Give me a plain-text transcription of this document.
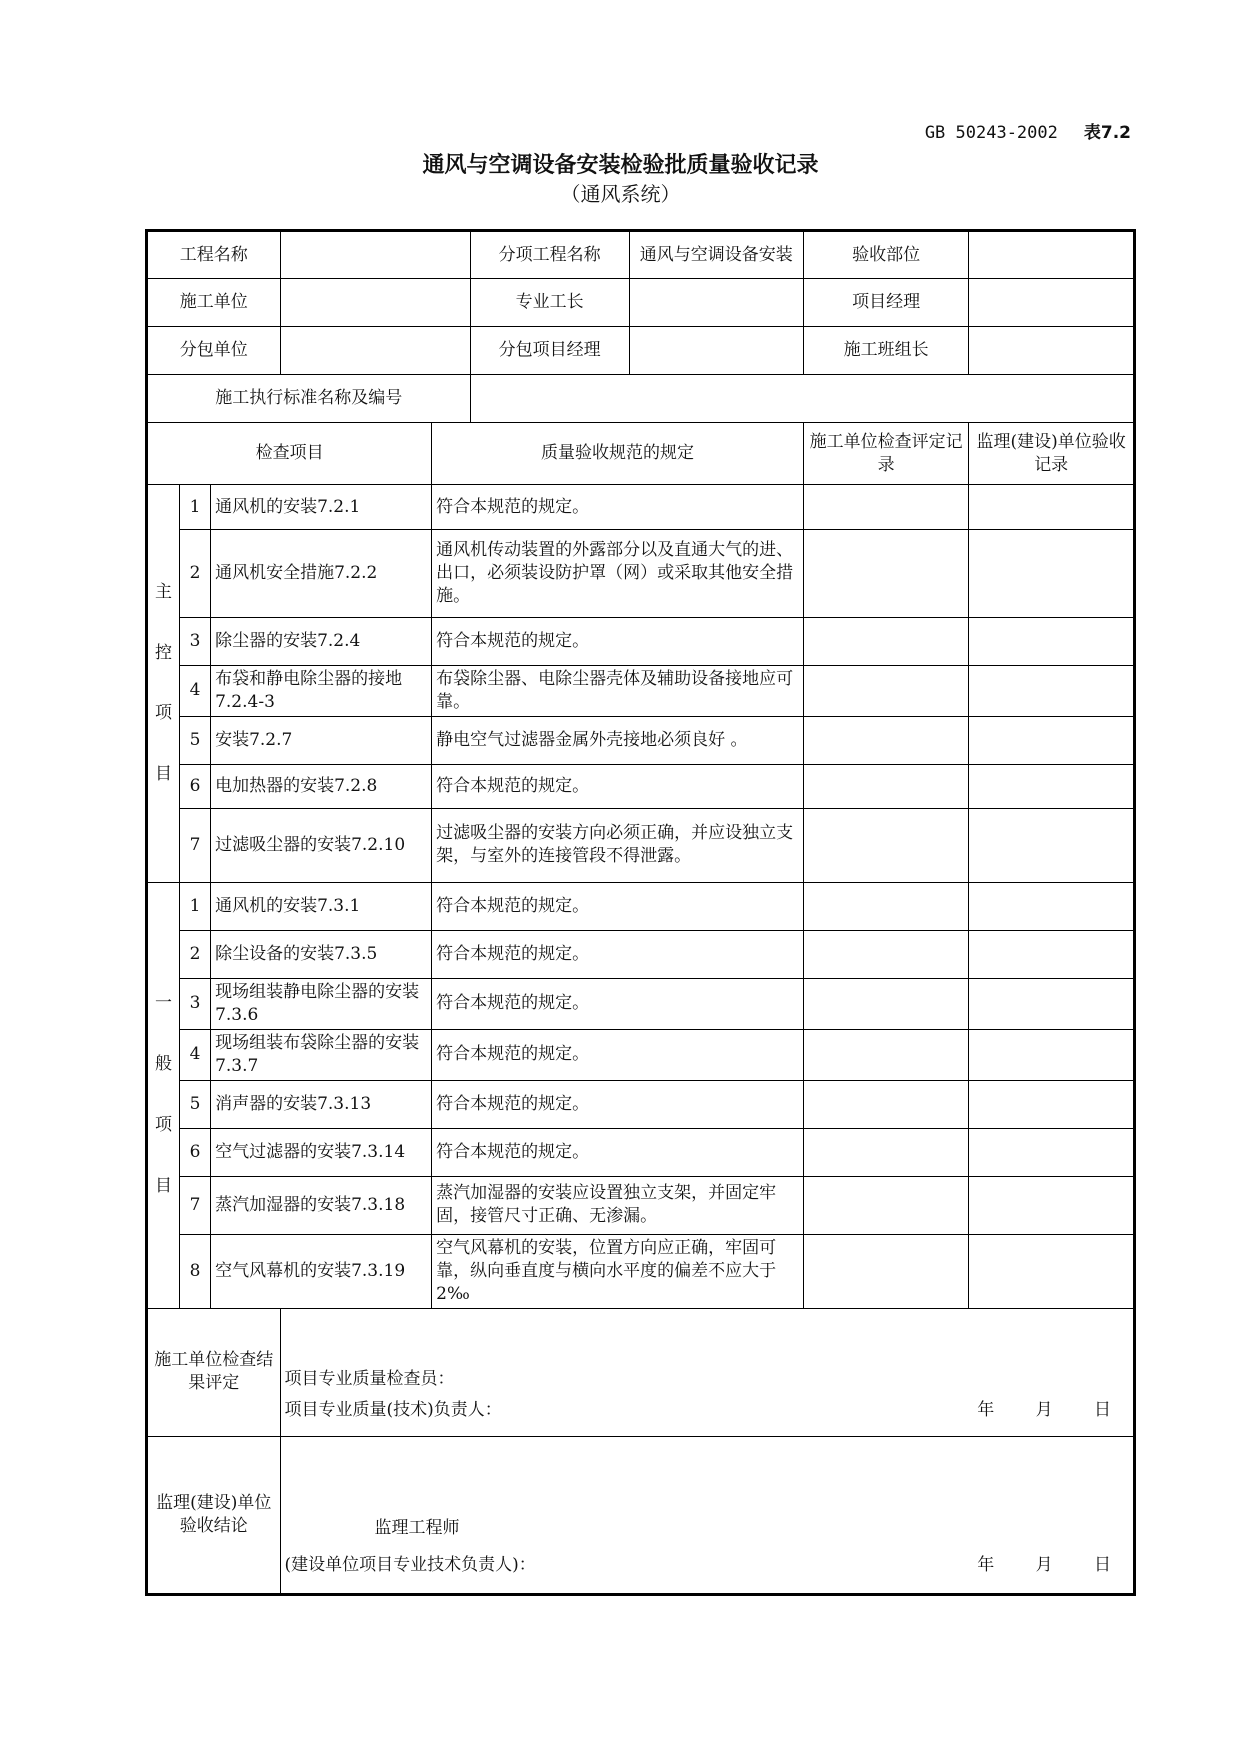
GB 50243-2002 表7.2
通风与空调设备安装检验批质量验收记录
（通风系统）
工程名称					分项工程名称	通风与空调设备安装	验收部位	
施工单位					专业工长		项目经理	
分包单位					分包项目经理		施工班组长	
施工执行标准名称及编号								
检查项目				质量验收规范的规定			施工单位检查评定记录	监理(建设)单位验收记录

主
控
项
目	1	通风机的安装7.2.1		符合本规范的规定。				
	2	通风机安全措施7.2.2		通风机传动装置的外露部分以及直通大气的进、出口，必须装设防护罩（网）或采取其他安全措施。				
	3	除尘器的安装7.2.4		符合本规范的规定。				
	4	布袋和静电除尘器的接地7.2.4-3		布袋除尘器、电除尘器壳体及辅助设备接地应可靠。				
	5	安装7.2.7		静电空气过滤器金属外壳接地必须良好 。				
	6	电加热器的安装7.2.8		符合本规范的规定。				
	7	过滤吸尘器的安装7.2.10		过滤吸尘器的安装方向必须正确，并应设独立支架，与室外的连接管段不得泄露。				

一
般
项
目	1	通风机的安装7.3.1		符合本规范的规定。				
	2	除尘设备的安装7.3.5		符合本规范的规定。				
	3	现场组装静电除尘器的安装7.3.6		符合本规范的规定。				
	4	现场组装布袋除尘器的安装7.3.7		符合本规范的规定。				
	5	消声器的安装7.3.13		符合本规范的规定。				
	6	空气过滤器的安装7.3.14		符合本规范的规定。				
	7	蒸汽加湿器的安装7.3.18		蒸汽加湿器的安装应设置独立支架，并固定牢固，接管尺寸正确、无渗漏。				
	8	空气风幕机的安装7.3.19		空气风幕机的安装，位置方向应正确，牢固可靠，纵向垂直度与横向水平度的偏差不应大于2‰				
施工单位检查结果评定			项目专业质量检查员：
项目专业质量(技术)负责人： 年 月 日					

监理(建设)单位验收结论			监理工程师
(建设单位项目专业技术负责人)： 年 月 日					
